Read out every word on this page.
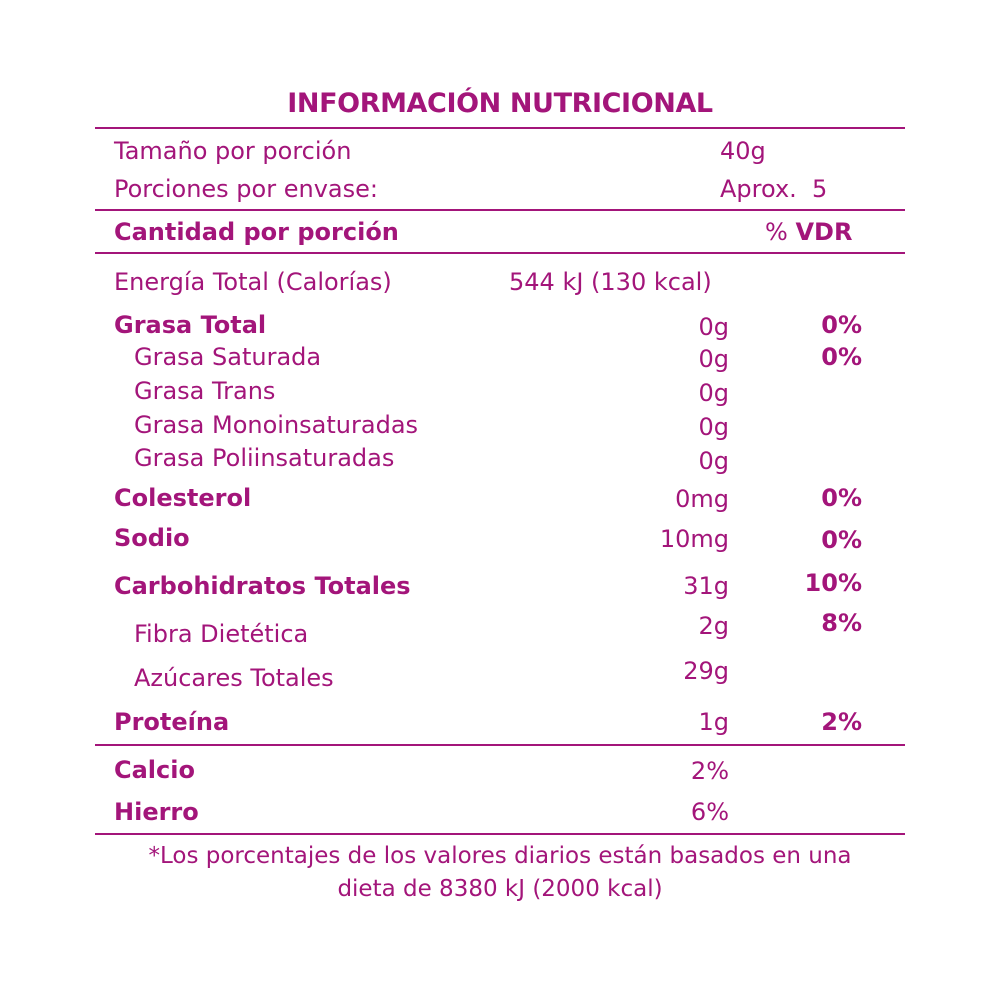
INFORMACIÓN NUTRICIONAL
Tamaño por porción	40g
Porciones por envase:	Aprox.  5
Cantidad por porción	% VDR
Energía Total (Calorías)	544 kJ (130 kcal)
Grasa Total	0g	0%
Grasa Saturada	0g	0%
Grasa Trans	0g
Grasa Monoinsaturadas	0g
Grasa Poliinsaturadas	0g
Colesterol	0mg	0%
Sodio	10mg	0%
Carbohidratos Totales	31g	10%
Fibra Dietética	2g	8%
Azúcares Totales	29g
Proteína	1g	2%
Calcio	2%
Hierro	6%
*Los porcentajes de los valores diarios están basados en una
dieta de 8380 kJ (2000 kcal)
